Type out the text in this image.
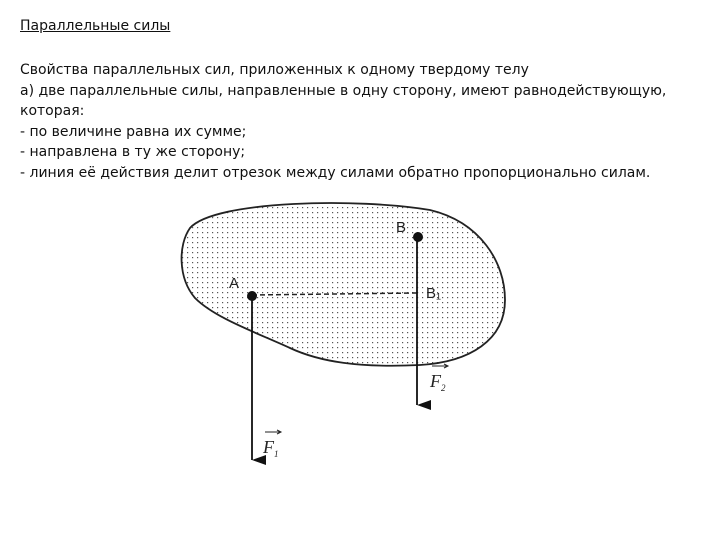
Параллельные силы
Свойства параллельных сил, приложенных к одному твердому телу
а) две параллельные силы, направленные в одну сторону, имеют равнодействующую,
которая:
- по величине равна их сумме;
- направлена в ту же сторону;
- линия её действия делит отрезок между силами обратно пропорционально силам.
B
A
B₁
$F_2$
$F_1$
